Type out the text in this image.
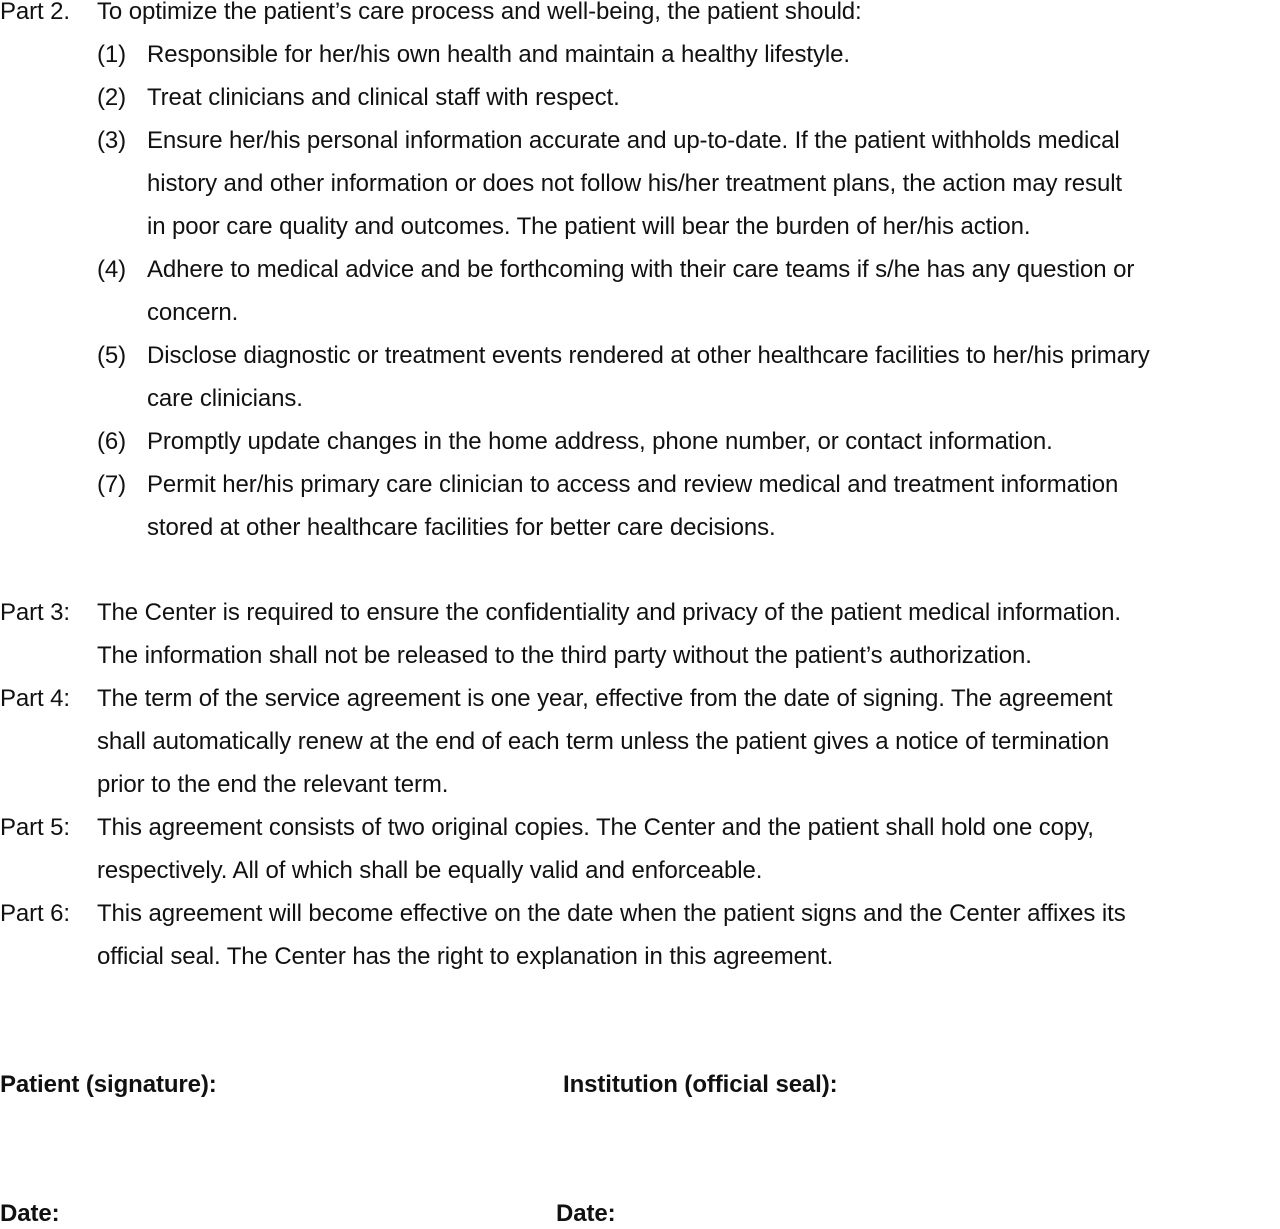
Part 2. To optimize the patient’s care process and well-being, the patient should:
(1) Responsible for her/his own health and maintain a healthy lifestyle.
(2) Treat clinicians and clinical staff with respect.
(3) Ensure her/his personal information accurate and up-to-date. If the patient withholds medical
history and other information or does not follow his/her treatment plans, the action may result
in poor care quality and outcomes. The patient will bear the burden of her/his action.
(4) Adhere to medical advice and be forthcoming with their care teams if s/he has any question or
concern.
(5) Disclose diagnostic or treatment events rendered at other healthcare facilities to her/his primary
care clinicians.
(6) Promptly update changes in the home address, phone number, or contact information.
(7) Permit her/his primary care clinician to access and review medical and treatment information
stored at other healthcare facilities for better care decisions.
Part 3: The Center is required to ensure the confidentiality and privacy of the patient medical information.
The information shall not be released to the third party without the patient’s authorization.
Part 4: The term of the service agreement is one year, effective from the date of signing. The agreement
shall automatically renew at the end of each term unless the patient gives a notice of termination
prior to the end the relevant term.
Part 5: This agreement consists of two original copies. The Center and the patient shall hold one copy,
respectively. All of which shall be equally valid and enforceable.
Part 6: This agreement will become effective on the date when the patient signs and the Center affixes its
official seal. The Center has the right to explanation in this agreement.
Patient (signature):	Institution (official seal):
Date:	Date:
